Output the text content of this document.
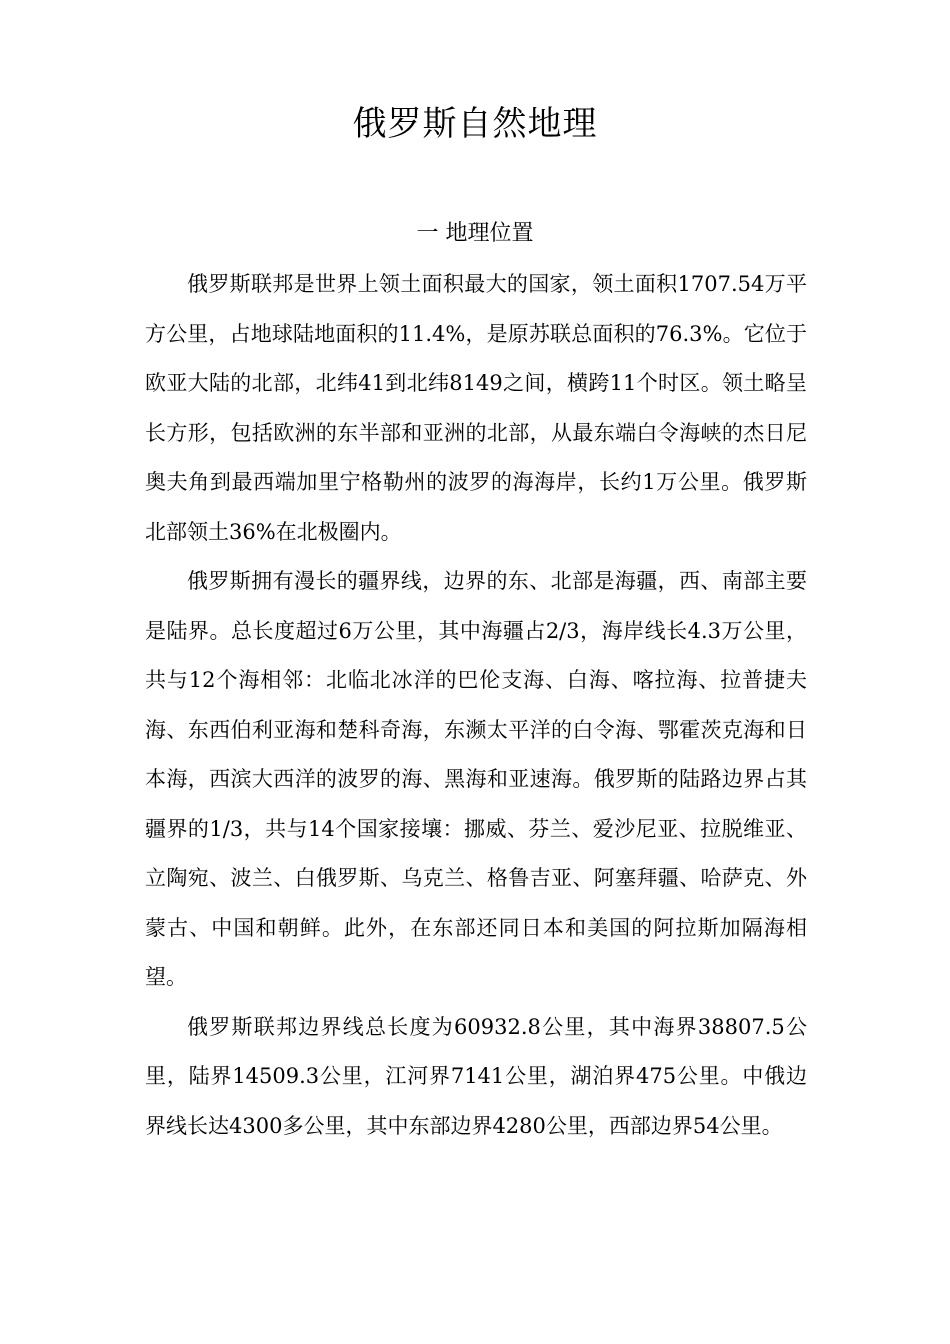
俄罗斯自然地理
一 地理位置

俄罗斯联邦是世界上领土面积最大的国家，领土面积1707.54万平方公里，占地球陆地面积的11.4%，是原苏联总面积的76.3%。它位于欧亚大陆的北部，北纬41到北纬8149之间，横跨11个时区。领土略呈长方形，包括欧洲的东半部和亚洲的北部，从最东端白令海峡的杰日尼奥夫角到最西端加里宁格勒州的波罗的海海岸，长约1万公里。俄罗斯北部领土36%在北极圈内。

俄罗斯拥有漫长的疆界线，边界的东、北部是海疆，西、南部主要是陆界。总长度超过6万公里，其中海疆占2/3，海岸线长4.3万公里，共与12个海相邻：北临北冰洋的巴伦支海、白海、喀拉海、拉普捷夫海、东西伯利亚海和楚科奇海，东濒太平洋的白令海、鄂霍茨克海和日本海，西滨大西洋的波罗的海、黑海和亚速海。俄罗斯的陆路边界占其疆界的1/3，共与14个国家接壤：挪威、芬兰、爱沙尼亚、拉脱维亚、立陶宛、波兰、白俄罗斯、乌克兰、格鲁吉亚、阿塞拜疆、哈萨克、外蒙古、中国和朝鲜。此外，在东部还同日本和美国的阿拉斯加隔海相望。

俄罗斯联邦边界线总长度为60932.8公里，其中海界38807.5公里，陆界14509.3公里，江河界7141公里，湖泊界475公里。中俄边界线长达4300多公里，其中东部边界4280公里，西部边界54公里。
